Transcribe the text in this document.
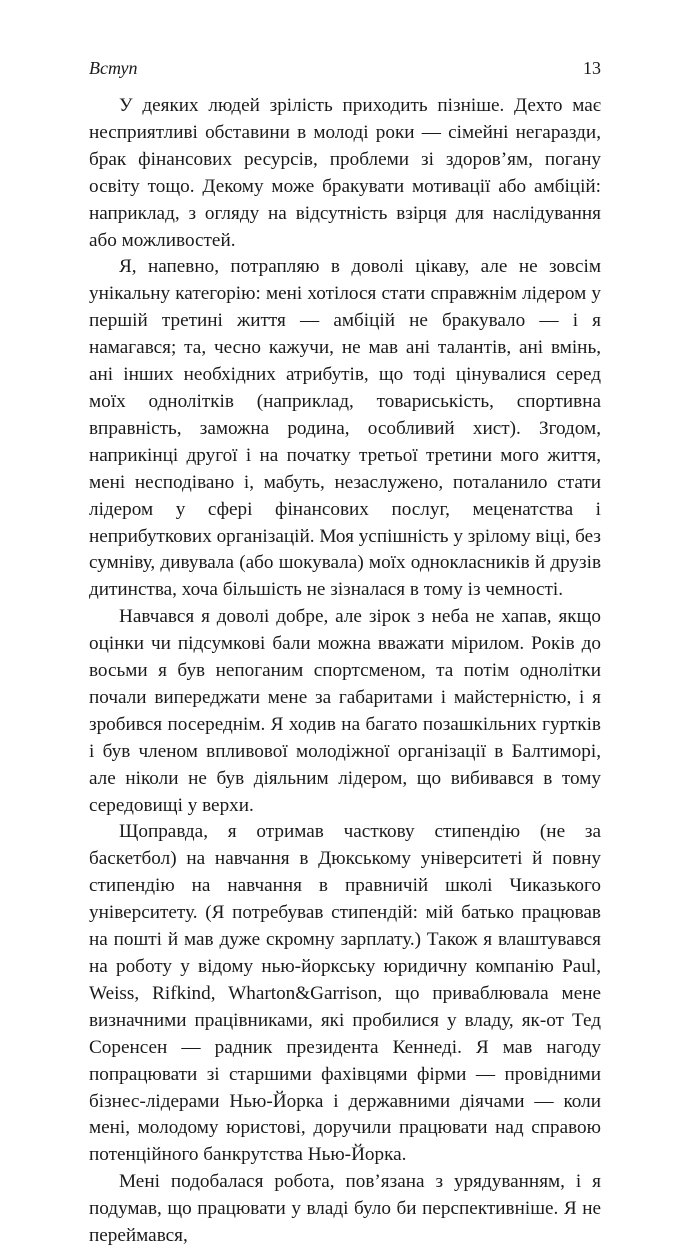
Вступ	13

У деяких людей зрілість приходить пізніше. Дехто має несприятливі обставини в молоді роки — сімейні негаразди, брак фінансових ресурсів, проблеми зі здоров’ям, погану освіту тощо. Декому може бракувати мотивації або амбіцій: наприклад, з огляду на відсутність взірця для наслідування або можливостей.

Я, напевно, потрапляю в доволі цікаву, але не зовсім унікальну категорію: мені хотілося стати справжнім лідером у першій третині життя — амбіцій не бракувало — і я намагався; та, чесно кажучи, не мав ані талантів, ані вмінь, ані інших необхідних атрибутів, що тоді цінувалися серед моїх однолітків (наприклад, товариськість, спортивна вправність, заможна родина, особливий хист). Згодом, наприкінці другої і на початку третьої третини мого життя, мені несподівано і, мабуть, незаслужено, поталанило стати лідером у сфері фінансових послуг, меценатства і неприбуткових організацій. Моя успішність у зрілому віці, без сумніву, дивувала (або шокувала) моїх однокласників й друзів дитинства, хоча більшість не зізналася в тому із чемності.

Навчався я доволі добре, але зірок з неба не хапав, якщо оцінки чи підсумкові бали можна вважати мірилом. Років до восьми я був непоганим спортсменом, та потім однолітки почали випереджати мене за габаритами і майстерністю, і я зробився посереднім. Я ходив на багато позашкільних гуртків і був членом впливової молодіжної організації в Балтиморі, але ніколи не був діяльним лідером, що вибивався в тому середовищі у верхи.

Щоправда, я отримав часткову стипендію (не за баскетбол) на навчання в Дюкському університеті й повну стипендію на навчання в правничій школі Чиказького університету. (Я потребував стипендій: мій батько працював на пошті й мав дуже скромну зарплату.) Також я влаштувався на роботу у відому нью-йоркську юридичну компанію Paul, Weiss, Rifkind, Wharton&Garrison, що приваблювала мене визначними працівниками, які пробилися у владу, як-от Тед Соренсен — радник президента Кеннеді. Я мав нагоду попрацювати зі старшими фахівцями фірми — провідними бізнес-лідерами Нью-Йорка і державними діячами — коли мені, молодому юристові, доручили працювати над справою потенційного банкрутства Нью-Йорка.

Мені подобалася робота, пов’язана з урядуванням, і я подумав, що працювати у владі було би перспективніше. Я не переймався,
